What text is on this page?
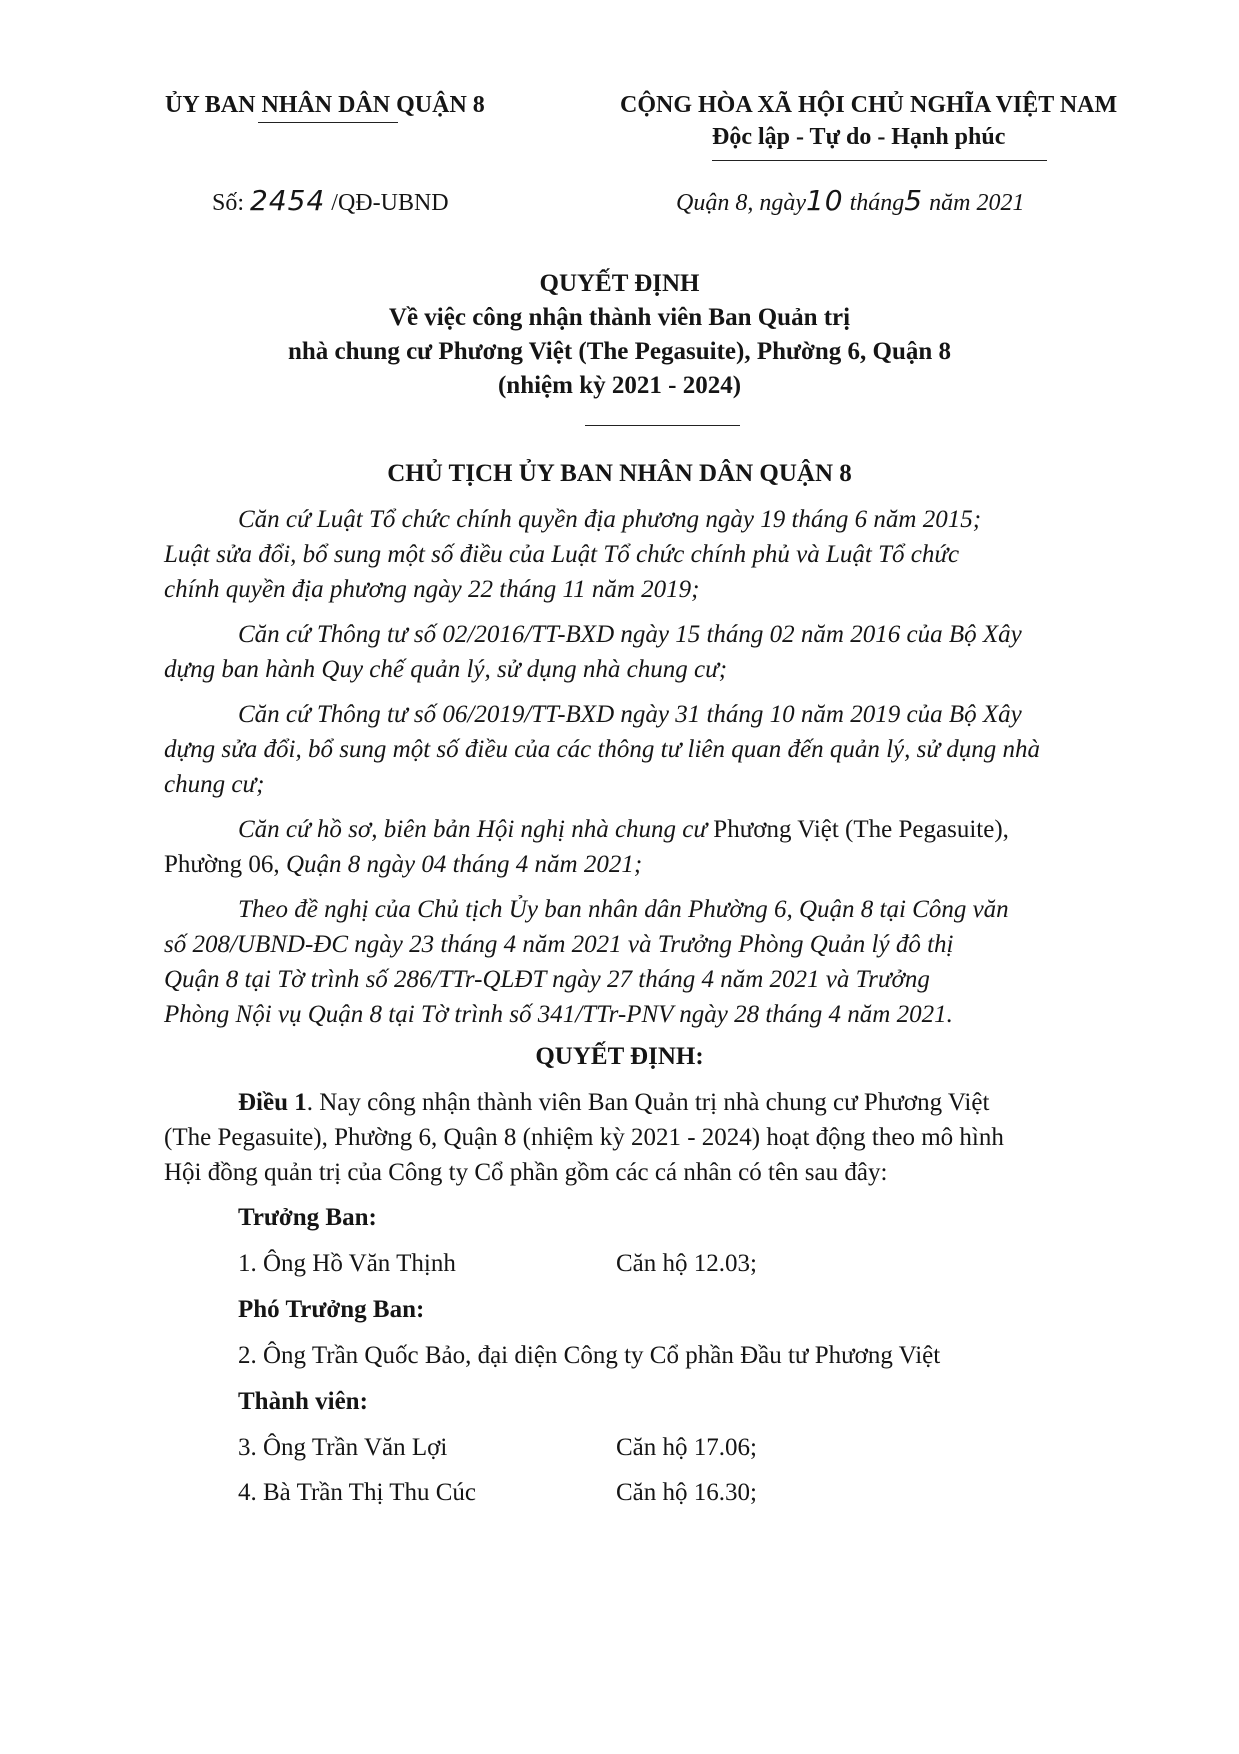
ỦY BAN NHÂN DÂN QUẬN 8	CỘNG HÒA XÃ HỘI CHỦ NGHĨA VIỆT NAM
Độc lập - Tự do - Hạnh phúc
Số: 2454 /QĐ-UBND	Quận 8, ngày10 tháng5 năm 2021
QUYẾT ĐỊNH
Về việc công nhận thành viên Ban Quản trị
nhà chung cư Phương Việt (The Pegasuite), Phường 6, Quận 8
(nhiệm kỳ 2021 - 2024)
CHỦ TỊCH ỦY BAN NHÂN DÂN QUẬN 8
Căn cứ Luật Tổ chức chính quyền địa phương ngày 19 tháng 6 năm 2015;
Luật sửa đổi, bổ sung một số điều của Luật Tổ chức chính phủ và Luật Tổ chức
chính quyền địa phương ngày 22 tháng 11 năm 2019;
Căn cứ Thông tư số 02/2016/TT-BXD ngày 15 tháng 02 năm 2016 của Bộ Xây
dựng ban hành Quy chế quản lý, sử dụng nhà chung cư;
Căn cứ Thông tư số 06/2019/TT-BXD ngày 31 tháng 10 năm 2019 của Bộ Xây
dựng sửa đổi, bổ sung một số điều của các thông tư liên quan đến quản lý, sử dụng nhà
chung cư;
Căn cứ hồ sơ, biên bản Hội nghị nhà chung cư Phương Việt (The Pegasuite),
Phường 06, Quận 8 ngày 04 tháng 4 năm 2021;
Theo đề nghị của Chủ tịch Ủy ban nhân dân Phường 6, Quận 8 tại Công văn
số 208/UBND-ĐC ngày 23 tháng 4 năm 2021 và Trưởng Phòng Quản lý đô thị
Quận 8 tại Tờ trình số 286/TTr-QLĐT ngày 27 tháng 4 năm 2021 và Trưởng
Phòng Nội vụ Quận 8 tại Tờ trình số 341/TTr-PNV ngày 28 tháng 4 năm 2021.
QUYẾT ĐỊNH:
Điều 1. Nay công nhận thành viên Ban Quản trị nhà chung cư Phương Việt
(The Pegasuite), Phường 6, Quận 8 (nhiệm kỳ 2021 - 2024) hoạt động theo mô hình
Hội đồng quản trị của Công ty Cổ phần gồm các cá nhân có tên sau đây:
Trưởng Ban:
1. Ông Hồ Văn Thịnh	Căn hộ 12.03;
Phó Trưởng Ban:
2. Ông Trần Quốc Bảo, đại diện Công ty Cổ phần Đầu tư Phương Việt
Thành viên:
3. Ông Trần Văn Lợi	Căn hộ 17.06;
4. Bà Trần Thị Thu Cúc	Căn hộ 16.30;
